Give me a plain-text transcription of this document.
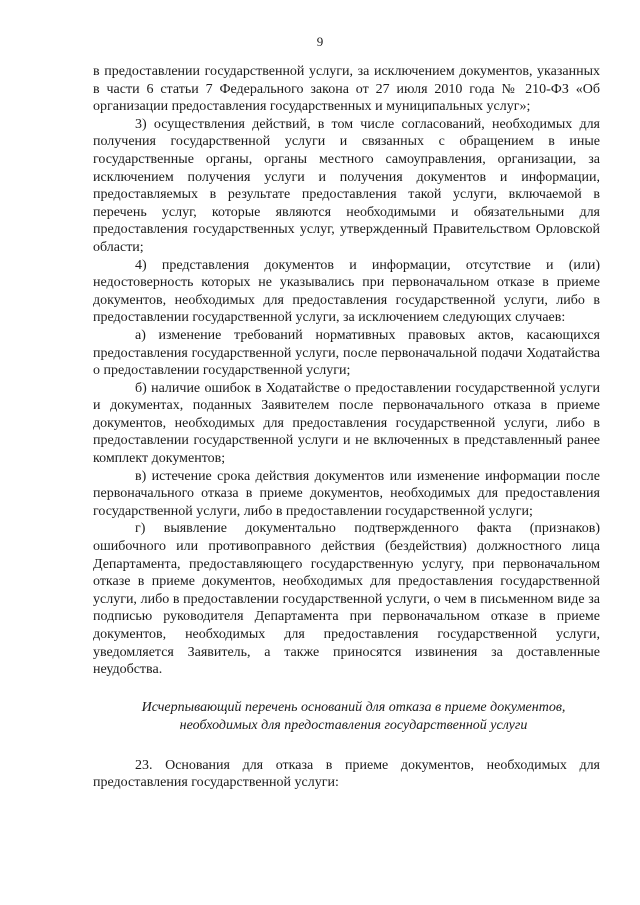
9

в предоставлении государственной услуги, за исключением документов, указанных в части 6 статьи 7 Федерального закона от 27 июля 2010 года № 210-ФЗ «Об организации предоставления государственных и муниципальных услуг»;

3) осуществления действий, в том числе согласований, необходимых для получения государственной услуги и связанных с обращением в иные государственные органы, органы местного самоуправления, организации, за исключением получения услуги и получения документов и информации, предоставляемых в результате предоставления такой услуги, включаемой в перечень услуг, которые являются необходимыми и обязательными для предоставления государственных услуг, утвержденный Правительством Орловской области;

4) представления документов и информации, отсутствие и (или) недостоверность которых не указывались при первоначальном отказе в приеме документов, необходимых для предоставления государственной услуги, либо в предоставлении государственной услуги, за исключением следующих случаев:

а) изменение требований нормативных правовых актов, касающихся предоставления государственной услуги, после первоначальной подачи Ходатайства о предоставлении государственной услуги;

б) наличие ошибок в Ходатайстве о предоставлении государственной услуги и документах, поданных Заявителем после первоначального отказа в приеме документов, необходимых для предоставления государственной услуги, либо в предоставлении государственной услуги и не включенных в представленный ранее комплект документов;

в) истечение срока действия документов или изменение информации после первоначального отказа в приеме документов, необходимых для предоставления государственной услуги, либо в предоставлении государственной услуги;

г) выявление документально подтвержденного факта (признаков) ошибочного или противоправного действия (бездействия) должностного лица Департамента, предоставляющего государственную услугу, при первоначальном отказе в приеме документов, необходимых для предоставления государственной услуги, либо в предоставлении государственной услуги, о чем в письменном виде за подписью руководителя Департамента при первоначальном отказе в приеме документов, необходимых для предоставления государственной услуги, уведомляется Заявитель, а также приносятся извинения за доставленные неудобства.

Исчерпывающий перечень оснований для отказа в приеме документов,
необходимых для предоставления государственной услуги

23. Основания для отказа в приеме документов, необходимых для предоставления государственной услуги:
